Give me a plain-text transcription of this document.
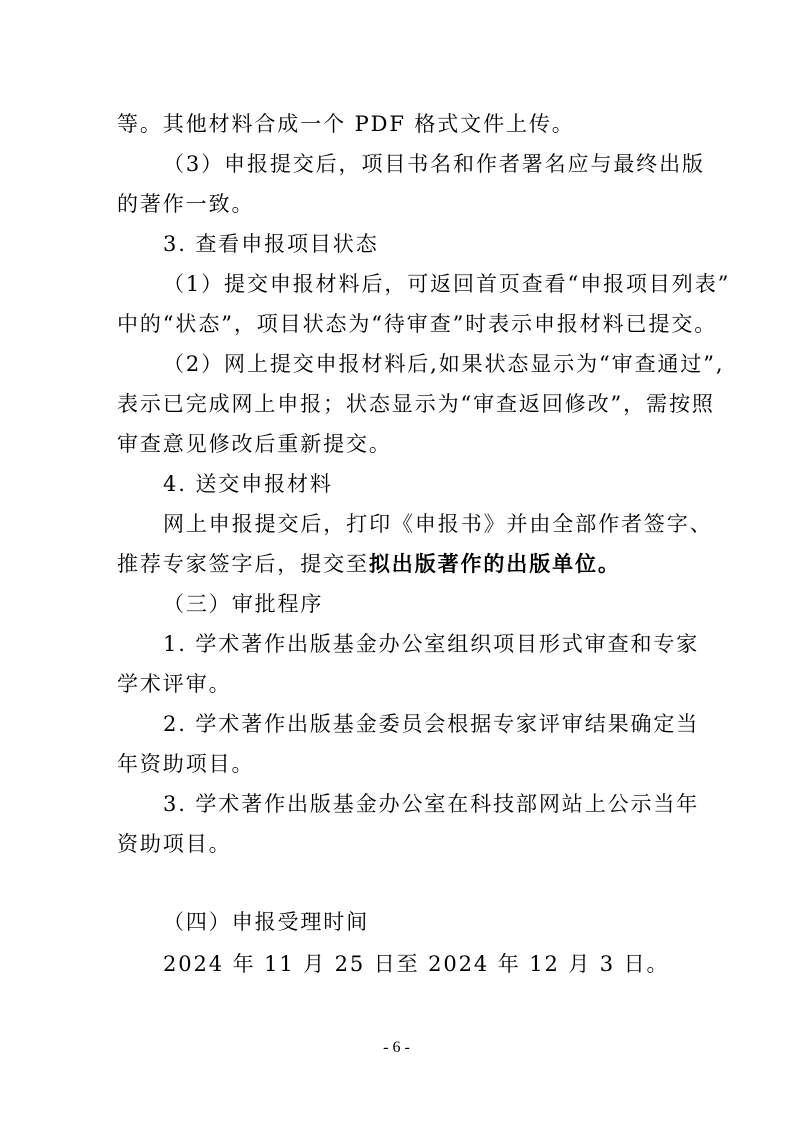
等。其他材料合成一个 PDF 格式文件上传。
（3）申报提交后，项目书名和作者署名应与最终出版
的著作一致。
3. 查看申报项目状态
（1）提交申报材料后，可返回首页查看“申报项目列表”
中的“状态”，项目状态为“待审查”时表示申报材料已提交。
（2）网上提交申报材料后,如果状态显示为“审查通过”,
表示已完成网上申报；状态显示为“审查返回修改”，需按照
审查意见修改后重新提交。
4. 送交申报材料
网上申报提交后，打印《申报书》并由全部作者签字、
推荐专家签字后，提交至拟出版著作的出版单位。
（三）审批程序
1. 学术著作出版基金办公室组织项目形式审查和专家
学术评审。
2. 学术著作出版基金委员会根据专家评审结果确定当
年资助项目。
3. 学术著作出版基金办公室在科技部网站上公示当年
资助项目。
（四）申报受理时间
2024 年 11 月 25 日至 2024 年 12 月 3 日。
- 6 -
